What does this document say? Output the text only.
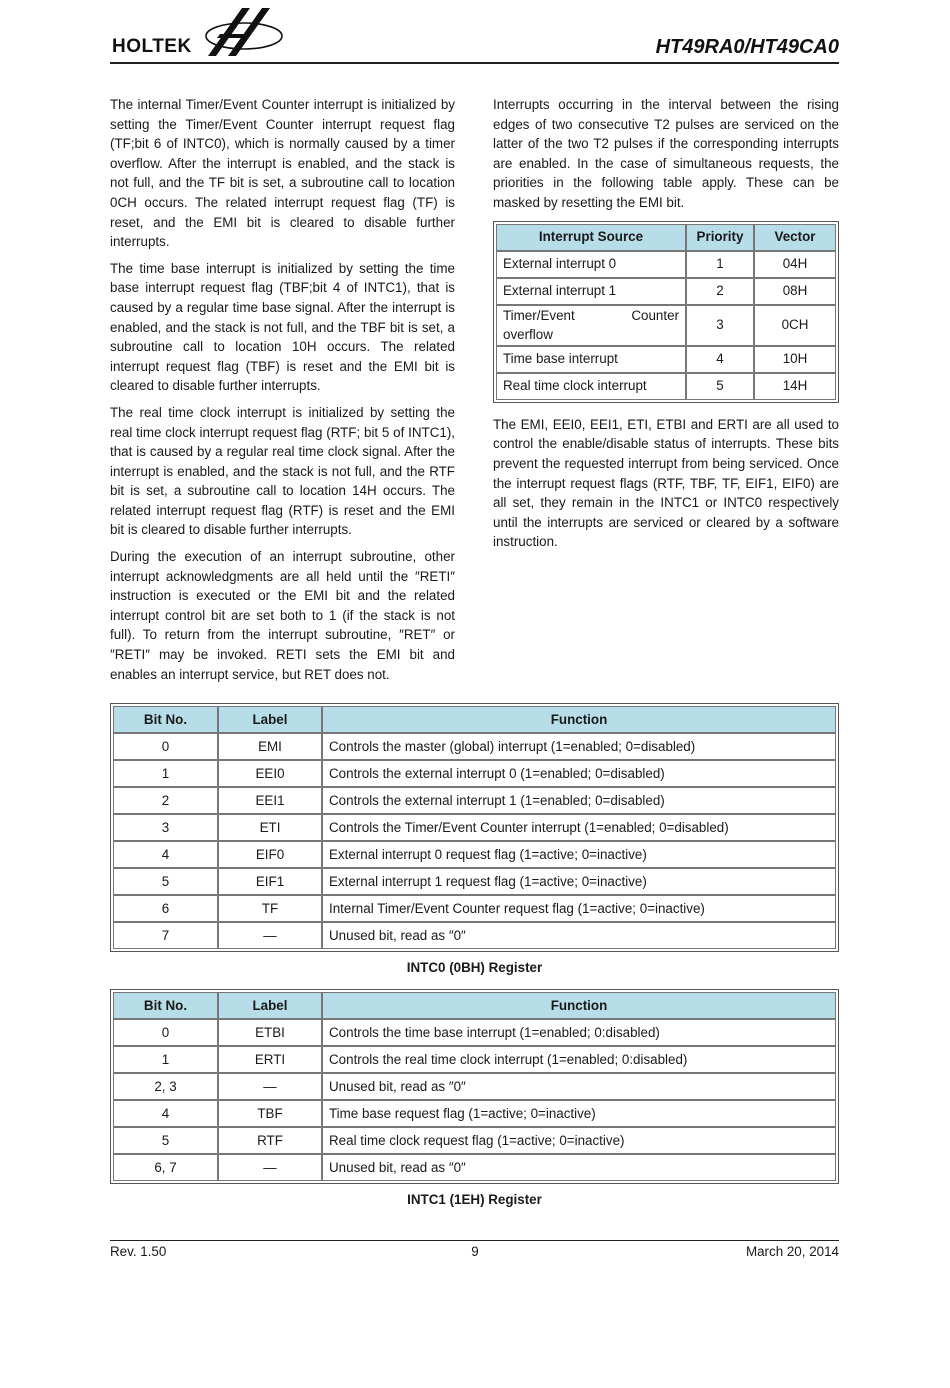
HOLTEK	HT49RA0/HT49CA0

The internal Timer/Event Counter interrupt is initialized by setting the Timer/Event Counter interrupt request flag (TF;bit 6 of INTC0), which is normally caused by a timer overflow. After the interrupt is enabled, and the stack is not full, and the TF bit is set, a subroutine call to location 0CH occurs. The related interrupt request flag (TF) is reset, and the EMI bit is cleared to disable further interrupts.

The time base interrupt is initialized by setting the time base interrupt request flag (TBF;bit 4 of INTC1), that is caused by a regular time base signal. After the interrupt is enabled, and the stack is not full, and the TBF bit is set, a subroutine call to location 10H occurs. The related interrupt request flag (TBF) is reset and the EMI bit is cleared to disable further interrupts.

The real time clock interrupt is initialized by setting the real time clock interrupt request flag (RTF; bit 5 of INTC1), that is caused by a regular real time clock signal. After the interrupt is enabled, and the stack is not full, and the RTF bit is set, a subroutine call to location 14H occurs. The related interrupt request flag (RTF) is reset and the EMI bit is cleared to disable further interrupts.

During the execution of an interrupt subroutine, other interrupt acknowledgments are all held until the ″RETI″ instruction is executed or the EMI bit and the related interrupt control bit are set both to 1 (if the stack is not full). To return from the interrupt subroutine, ″RET″ or ″RETI″ may be invoked. RETI sets the EMI bit and enables an interrupt service, but RET does not.

Interrupts occurring in the interval between the rising edges of two consecutive T2 pulses are serviced on the latter of the two T2 pulses if the corresponding interrupts are enabled. In the case of simultaneous requests, the priorities in the following table apply. These can be masked by resetting the EMI bit.

Interrupt Source	Priority	Vector
External interrupt 0	1	04H
External interrupt 1	2	08H
Timer/Event Counter overflow	3	0CH
Time base interrupt	4	10H
Real time clock interrupt	5	14H

The EMI, EEI0, EEI1, ETI, ETBI and ERTI are all used to control the enable/disable status of interrupts. These bits prevent the requested interrupt from being serviced. Once the interrupt request flags (RTF, TBF, TF, EIF1, EIF0) are all set, they remain in the INTC1 or INTC0 respectively until the interrupts are serviced or cleared by a software instruction.

Bit No.	Label	Function
0	EMI	Controls the master (global) interrupt (1=enabled; 0=disabled)
1	EEI0	Controls the external interrupt 0 (1=enabled; 0=disabled)
2	EEI1	Controls the external interrupt 1 (1=enabled; 0=disabled)
3	ETI	Controls the Timer/Event Counter interrupt (1=enabled; 0=disabled)
4	EIF0	External interrupt 0 request flag (1=active; 0=inactive)
5	EIF1	External interrupt 1 request flag (1=active; 0=inactive)
6	TF	Internal Timer/Event Counter request flag (1=active; 0=inactive)
7	—	Unused bit, read as ″0″
INTC0 (0BH) Register
Bit No.	Label	Function
0	ETBI	Controls the time base interrupt (1=enabled; 0:disabled)
1	ERTI	Controls the real time clock interrupt (1=enabled; 0:disabled)
2, 3	—	Unused bit, read as ″0″
4	TBF	Time base request flag (1=active; 0=inactive)
5	RTF	Real time clock request flag (1=active; 0=inactive)
6, 7	—	Unused bit, read as ″0″
INTC1 (1EH) Register
Rev. 1.50	9	March 20, 2014
